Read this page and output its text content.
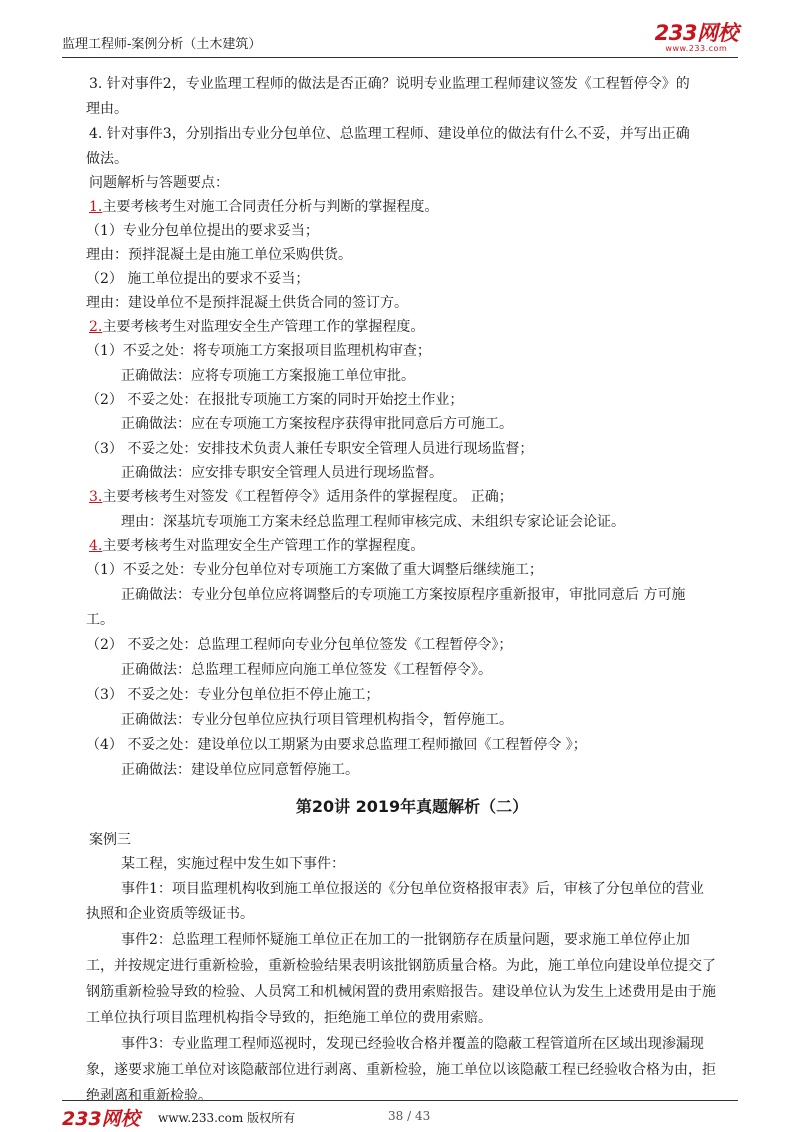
监理工程师-案例分析（土木建筑）	233网校
www.233.com
3. 针对事件2，专业监理工程师的做法是否正确？说明专业监理工程师建议签发《工程暂停令》的
理由。
4. 针对事件3，分别指出专业分包单位、总监理工程师、建设单位的做法有什么不妥，并写出正确
做法。
问题解析与答题要点：
1.主要考核考生对施工合同责任分析与判断的掌握程度。
（1）专业分包单位提出的要求妥当；
理由：预拌混凝土是由施工单位采购供货。
（2） 施工单位提出的要求不妥当；
理由：建设单位不是预拌混凝土供货合同的签订方。
2.主要考核考生对监理安全生产管理工作的掌握程度。
（1）不妥之处：将专项施工方案报项目监理机构审查；
正确做法：应将专项施工方案报施工单位审批。
（2） 不妥之处：在报批专项施工方案的同时开始挖土作业；
正确做法：应在专项施工方案按程序获得审批同意后方可施工。
（3） 不妥之处：安排技术负责人兼任专职安全管理人员进行现场监督；
正确做法：应安排专职安全管理人员进行现场监督。
3.主要考核考生对签发《工程暂停令》适用条件的掌握程度。 正确；
理由：深基坑专项施工方案未经总监理工程师审核完成、未组织专家论证会论证。
4.主要考核考生对监理安全生产管理工作的掌握程度。
（1）不妥之处：专业分包单位对专项施工方案做了重大调整后继续施工；
正确做法：专业分包单位应将调整后的专项施工方案按原程序重新报审，审批同意后 方可施
工。
（2） 不妥之处：总监理工程师向专业分包单位签发《工程暂停令》；
正确做法：总监理工程师应向施工单位签发《工程暂停令》。
（3） 不妥之处：专业分包单位拒不停止施工；
正确做法：专业分包单位应执行项目管理机构指令，暂停施工。
（4） 不妥之处：建设单位以工期紧为由要求总监理工程师撤回《工程暂停令 》；
正确做法：建设单位应同意暂停施工。
第20讲 2019年真题解析（二）
案例三
某工程，实施过程中发生如下事件：
事件1：项目监理机构收到施工单位报送的《分包单位资格报审表》后，审核了分包单位的营业
执照和企业资质等级证书。
事件2：总监理工程师怀疑施工单位正在加工的一批钢筋存在质量问题，要求施工单位停止加
工，并按规定进行重新检验，重新检验结果表明该批钢筋质量合格。为此，施工单位向建设单位提交了
钢筋重新检验导致的检验、人员窝工和机械闲置的费用索赔报告。建设单位认为发生上述费用是由于施
工单位执行项目监理机构指令导致的，拒绝施工单位的费用索赔。
事件3：专业监理工程师巡视时，发现已经验收合格并覆盖的隐蔽工程管道所在区域出现渗漏现
象，遂要求施工单位对该隐蔽部位进行剥离、重新检验，施工单位以该隐蔽工程已经验收合格为由，拒
绝剥离和重新检验。
233网校 www.233.com 版权所有	38 / 43
